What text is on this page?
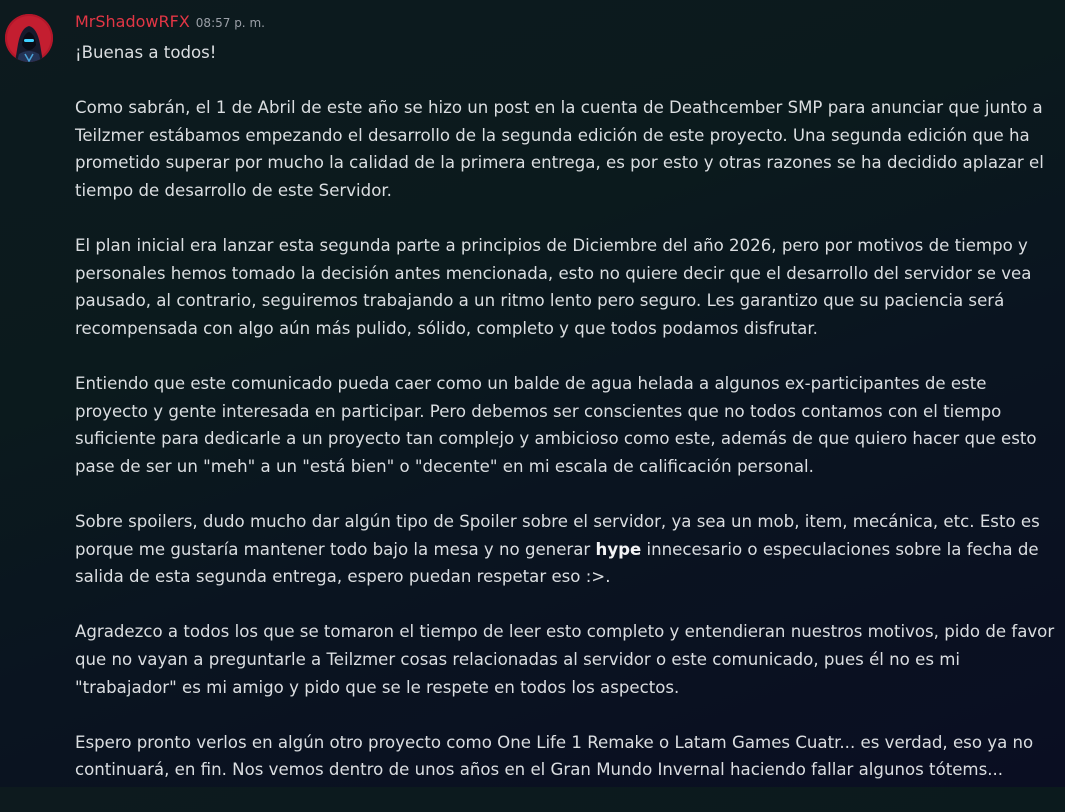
MrShadowRFX 08:57 p. m.
¡Buenas a todos!
Como sabrán, el 1 de Abril de este año se hizo un post en la cuenta de Deathcember SMP para anunciar que junto a Teilzmer estábamos empezando el desarrollo de la segunda edición de este proyecto. Una segunda edición que ha prometido superar por mucho la calidad de la primera entrega, es por esto y otras razones se ha decidido aplazar el tiempo de desarrollo de este Servidor.
El plan inicial era lanzar esta segunda parte a principios de Diciembre del año 2026, pero por motivos de tiempo y personales hemos tomado la decisión antes mencionada, esto no quiere decir que el desarrollo del servidor se vea pausado, al contrario, seguiremos trabajando a un ritmo lento pero seguro. Les garantizo que su paciencia será recompensada con algo aún más pulido, sólido, completo y que todos podamos disfrutar.
Entiendo que este comunicado pueda caer como un balde de agua helada a algunos ex-participantes de este proyecto y gente interesada en participar. Pero debemos ser conscientes que no todos contamos con el tiempo suficiente para dedicarle a un proyecto tan complejo y ambicioso como este, además de que quiero hacer que esto pase de ser un "meh" a un "está bien" o "decente" en mi escala de calificación personal.
Sobre spoilers, dudo mucho dar algún tipo de Spoiler sobre el servidor, ya sea un mob, item, mecánica, etc. Esto es porque me gustaría mantener todo bajo la mesa y no generar hype innecesario o especulaciones sobre la fecha de salida de esta segunda entrega, espero puedan respetar eso :>.
Agradezco a todos los que se tomaron el tiempo de leer esto completo y entendieran nuestros motivos, pido de favor que no vayan a preguntarle a Teilzmer cosas relacionadas al servidor o este comunicado, pues él no es mi "trabajador" es mi amigo y pido que se le respete en todos los aspectos.
Espero pronto verlos en algún otro proyecto como One Life 1 Remake o Latam Games Cuatr... es verdad, eso ya no continuará, en fin. Nos vemos dentro de unos años en el Gran Mundo Invernal haciendo fallar algunos tótems...
